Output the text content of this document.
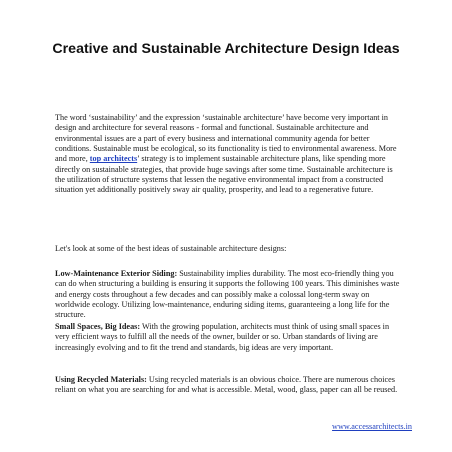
Creative and Sustainable Architecture Design Ideas

The word ‘sustainability’ and the expression ‘sustainable architecture’ have become very important in design and architecture for several reasons - formal and functional. Sustainable architecture and environmental issues are a part of every business and international community agenda for better conditions. Sustainable must be ecological, so its functionality is tied to environmental awareness. More and more, top architects’ strategy is to implement sustainable architecture plans, like spending more directly on sustainable strategies, that provide huge savings after some time. Sustainable architecture is the utilization of structure systems that lessen the negative environmental impact from a constructed situation yet additionally positively sway air quality, prosperity, and lead to a regenerative future.

Let's look at some of the best ideas of sustainable architecture designs:

Low-Maintenance Exterior Siding: Sustainability implies durability. The most eco-friendly thing you can do when structuring a building is ensuring it supports the following 100 years. This diminishes waste and energy costs throughout a few decades and can possibly make a colossal long-term sway on worldwide ecology. Utilizing low-maintenance, enduring siding items, guaranteeing a long life for the structure.

Small Spaces, Big Ideas: With the growing population, architects must think of using small spaces in very efficient ways to fulfill all the needs of the owner, builder or so. Urban standards of living are increasingly evolving and to fit the trend and standards, big ideas are very important.

Using Recycled Materials: Using recycled materials is an obvious choice. There are numerous choices reliant on what you are searching for and what is accessible. Metal, wood, glass, paper can all be reused.

www.accessarchitects.in
